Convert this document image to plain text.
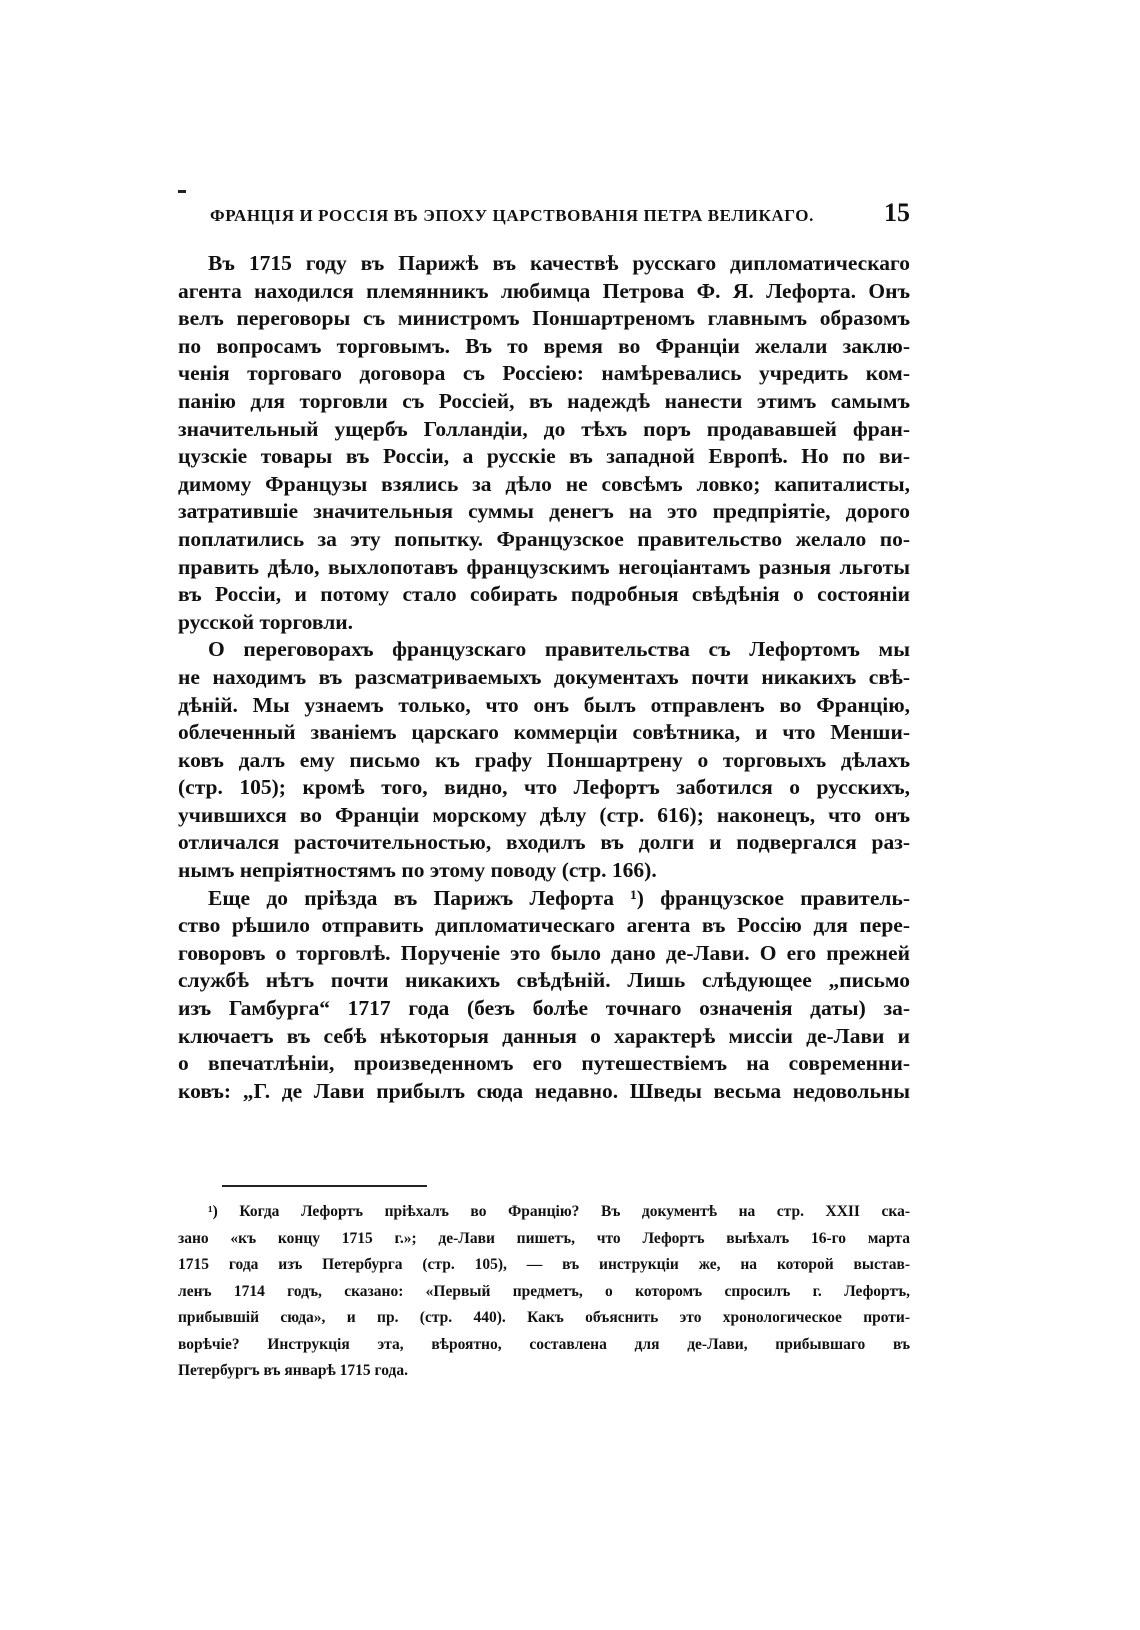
ФРАНЦІЯ И РОССІЯ ВЪ ЭПОХУ ЦАРСТВОВАНІЯ ПЕТРА ВЕЛИКАГО.	15
Въ 1715 году въ Парижѣ въ качествѣ русскаго дипломатическаго
агента находился племянникъ любимца Петрова Ф. Я. Лефорта. Онъ
велъ переговоры съ министромъ Поншартреномъ главнымъ образомъ
по вопросамъ торговымъ. Въ то время во Франціи желали заклю-
ченія торговаго договора съ Россіею: намѣревались учредить ком-
панію для торговли съ Россіей, въ надеждѣ нанести этимъ самымъ
значительный ущербъ Голландіи, до тѣхъ поръ продававшей фран-
цузскіе товары въ Россіи, а русскіе въ западной Европѣ. Но по ви-
димому Французы взялись за дѣло не совсѣмъ ловко; капиталисты,
затратившіе значительныя суммы денегъ на это предпріятіе, дорого
поплатились за эту попытку. Французское правительство желало по-
править дѣло, выхлопотавъ французскимъ негоціантамъ разныя льготы
въ Россіи, и потому стало собирать подробныя свѣдѣнія о состояніи
русской торговли.
О переговорахъ французскаго правительства съ Лефортомъ мы
не находимъ въ разсматриваемыхъ документахъ почти никакихъ свѣ-
дѣній. Мы узнаемъ только, что онъ былъ отправленъ во Францію,
облеченный званіемъ царскаго коммерціи совѣтника, и что Менши-
ковъ далъ ему письмо къ графу Поншартрену о торговыхъ дѣлахъ
(стр. 105); кромѣ того, видно, что Лефортъ заботился о русскихъ,
учившихся во Франціи морскому дѣлу (стр. 616); наконецъ, что онъ
отличался расточительностью, входилъ въ долги и подвергался раз-
нымъ непріятностямъ по этому поводу (стр. 166).
Еще до пріѣзда въ Парижъ Лефорта ¹) французское правитель-
ство рѣшило отправить дипломатическаго агента въ Россію для пере-
говоровъ о торговлѣ. Порученіе это было дано де-Лави. О его прежней
службѣ нѣтъ почти никакихъ свѣдѣній. Лишь слѣдующее „письмо
изъ Гамбурга“ 1717 года (безъ болѣе точнаго означенія даты) за-
ключаетъ въ себѣ нѣкоторыя данныя о характерѣ миссіи де-Лави и
о впечатлѣніи, произведенномъ его путешествіемъ на современни-
ковъ: „Г. де Лави прибылъ сюда недавно. Шведы весьма недовольны
¹) Когда Лефортъ пріѣхалъ во Францію? Въ документѣ на стр. XXII ска-
зано «къ концу 1715 г.»; де-Лави пишетъ, что Лефортъ выѣхалъ 16-го марта
1715 года изъ Петербурга (стр. 105), — въ инструкціи же, на которой выстав-
ленъ 1714 годъ, сказано: «Первый предметъ, о которомъ спросилъ г. Лефортъ,
прибывшій сюда», и пр. (стр. 440). Какъ объяснить это хронологическое проти-
ворѣчіе? Инструкція эта, вѣроятно, составлена для де-Лави, прибывшаго въ
Петербургъ въ январѣ 1715 года.
